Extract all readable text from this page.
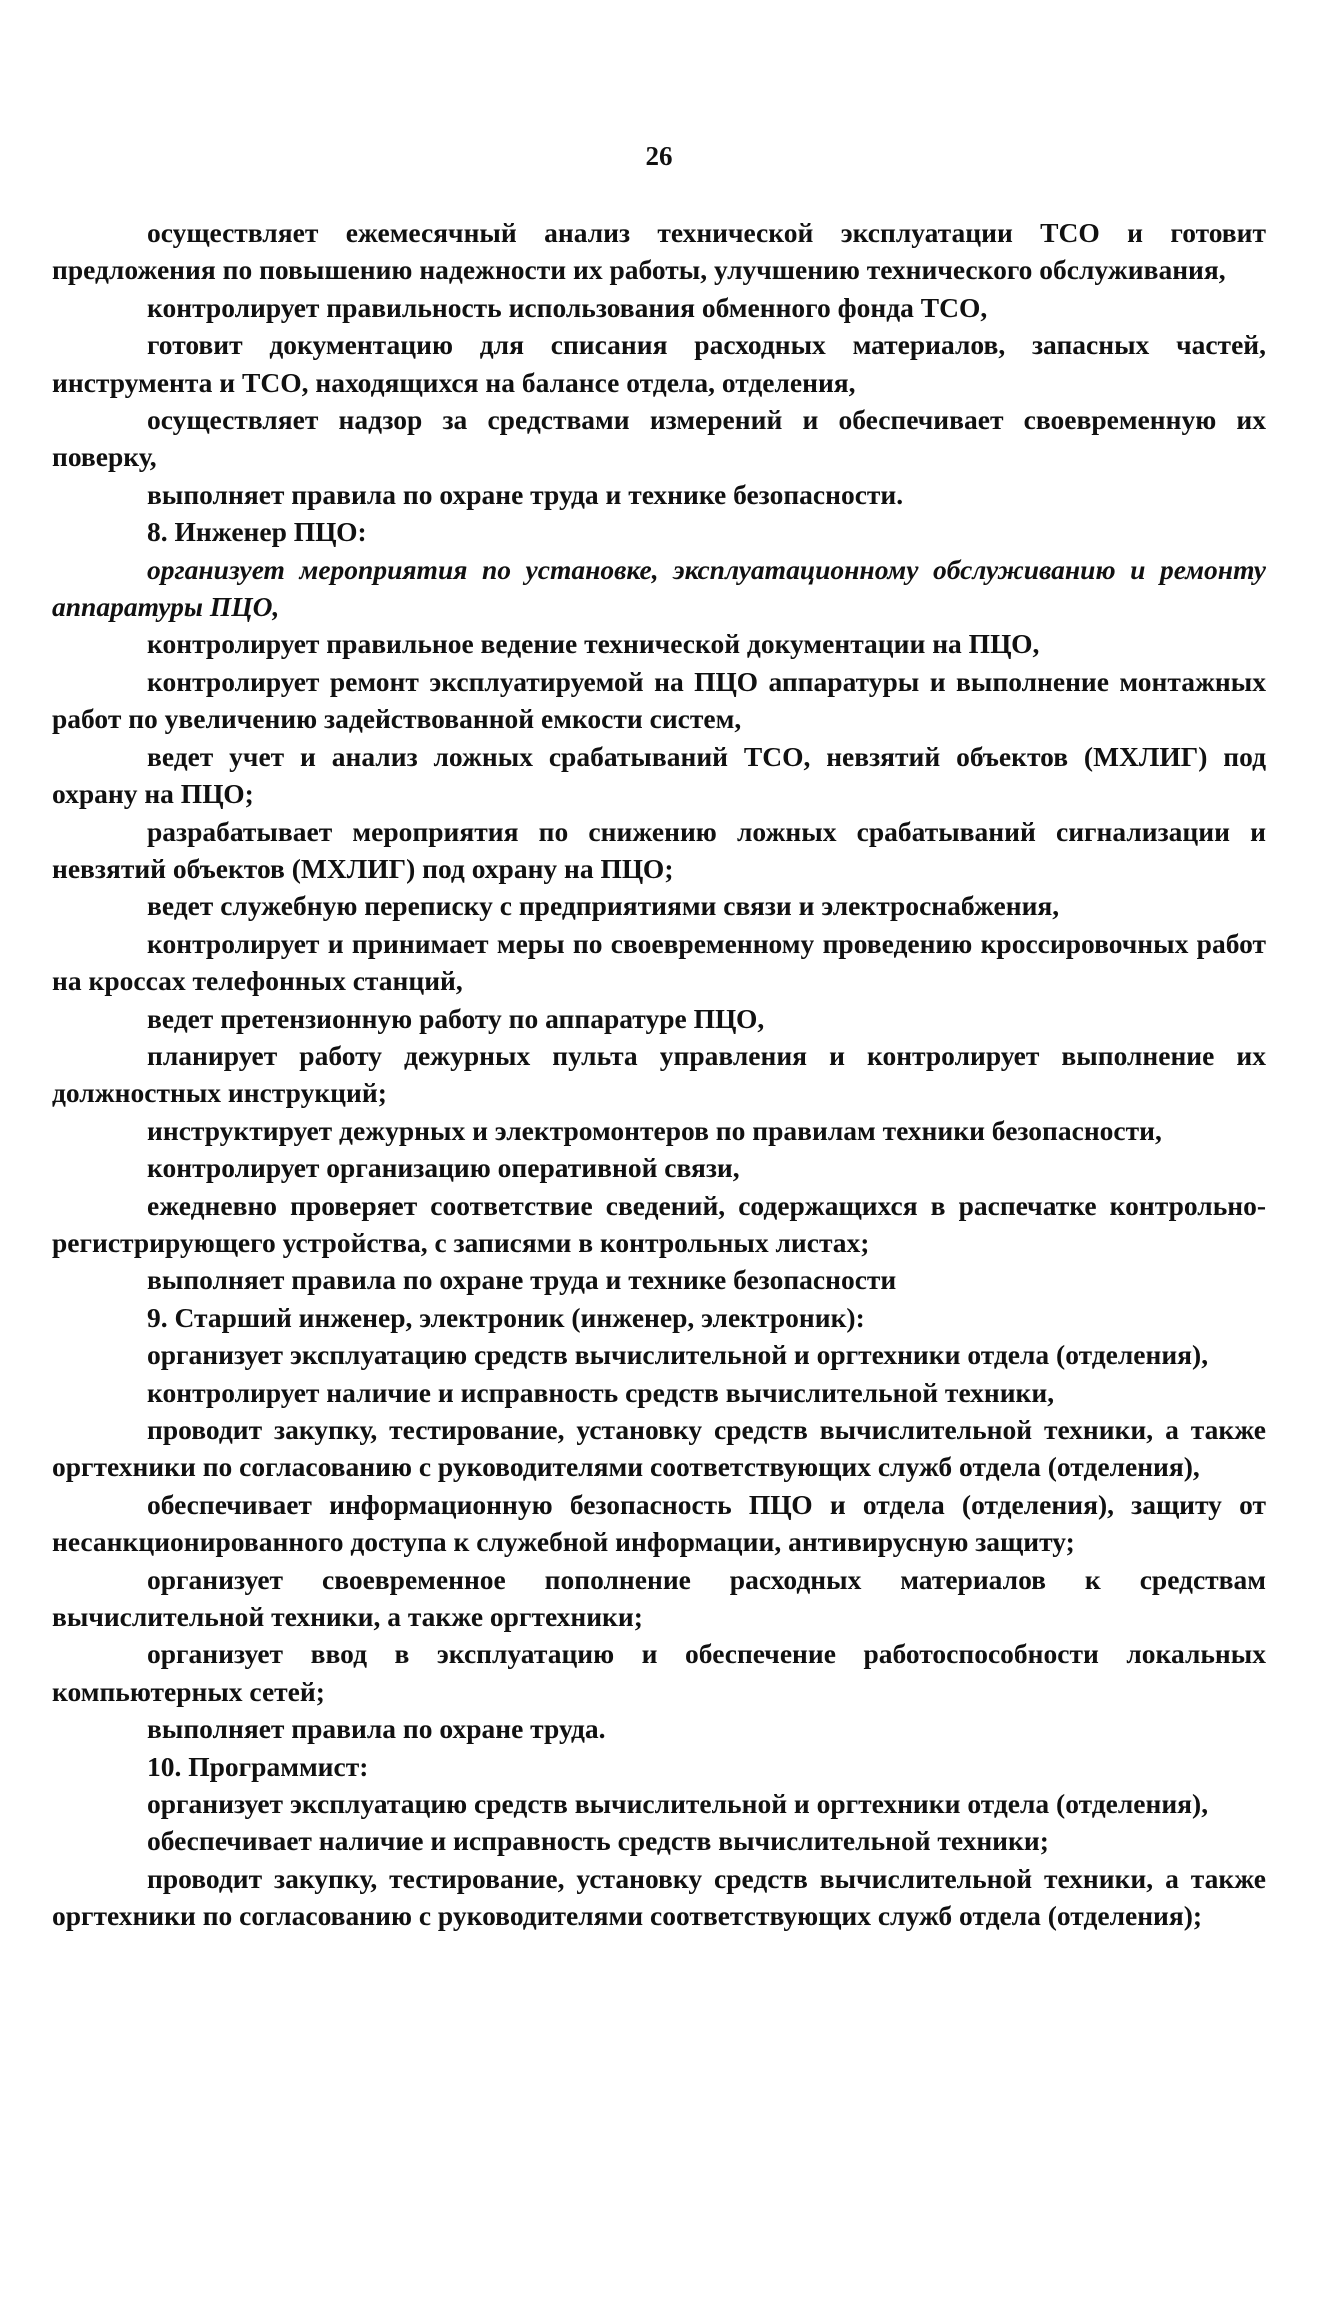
26

осуществляет ежемесячный анализ технической эксплуатации ТСО и готовит предложения по повышению надежности их работы, улучшению технического обслуживания,

контролирует правильность использования обменного фонда ТСО,

готовит документацию для списания расходных материалов, запасных частей, инструмента и ТСО, находящихся на балансе отдела, отделения,

осуществляет надзор за средствами измерений и обеспечивает своевременную их поверку,

выполняет правила по охране труда и технике безопасности.

8. Инженер ПЦО:

организует мероприятия по установке, эксплуатационному обслуживанию и ремонту аппаратуры ПЦО,

контролирует правильное ведение технической документации на ПЦО,

контролирует ремонт эксплуатируемой на ПЦО аппаратуры и выполнение монтажных работ по увеличению задействованной емкости систем,

ведет учет и анализ ложных срабатываний ТСО, невзятий объектов (МХЛИГ) под охрану на ПЦО;

разрабатывает мероприятия по снижению ложных срабатываний сигнализации и невзятий объектов (МХЛИГ) под охрану на ПЦО;

ведет служебную переписку с предприятиями связи и электроснабжения,

контролирует и принимает меры по своевременному проведению кроссировочных работ на кроссах телефонных станций,

ведет претензионную работу по аппаратуре ПЦО,

планирует работу дежурных пульта управления и контролирует выполнение их должностных инструкций;

инструктирует дежурных и электромонтеров по правилам техники безопасности,

контролирует организацию оперативной связи,

ежедневно проверяет соответствие сведений, содержащихся в распечатке контрольно-регистрирующего устройства, с записями в контрольных листах;

выполняет правила по охране труда и технике безопасности

9. Старший инженер, электроник (инженер, электроник):

организует эксплуатацию средств вычислительной и оргтехники отдела (отделения),

контролирует наличие и исправность средств вычислительной техники,

проводит закупку, тестирование, установку средств вычислительной техники, а также оргтехники по согласованию с руководителями соответствующих служб отдела (отделения),

обеспечивает информационную безопасность ПЦО и отдела (отделения), защиту от несанкционированного доступа к служебной информации, антивирусную защиту;

организует своевременное пополнение расходных материалов к средствам вычислительной техники, а также оргтехники;

организует ввод в эксплуатацию и обеспечение работоспособности локальных компьютерных сетей;

выполняет правила по охране труда.

10. Программист:

организует эксплуатацию средств вычислительной и оргтехники отдела (отделения),

обеспечивает наличие и исправность средств вычислительной техники;

проводит закупку, тестирование, установку средств вычислительной техники, а также оргтехники по согласованию с руководителями соответствующих служб отдела (отделения);
